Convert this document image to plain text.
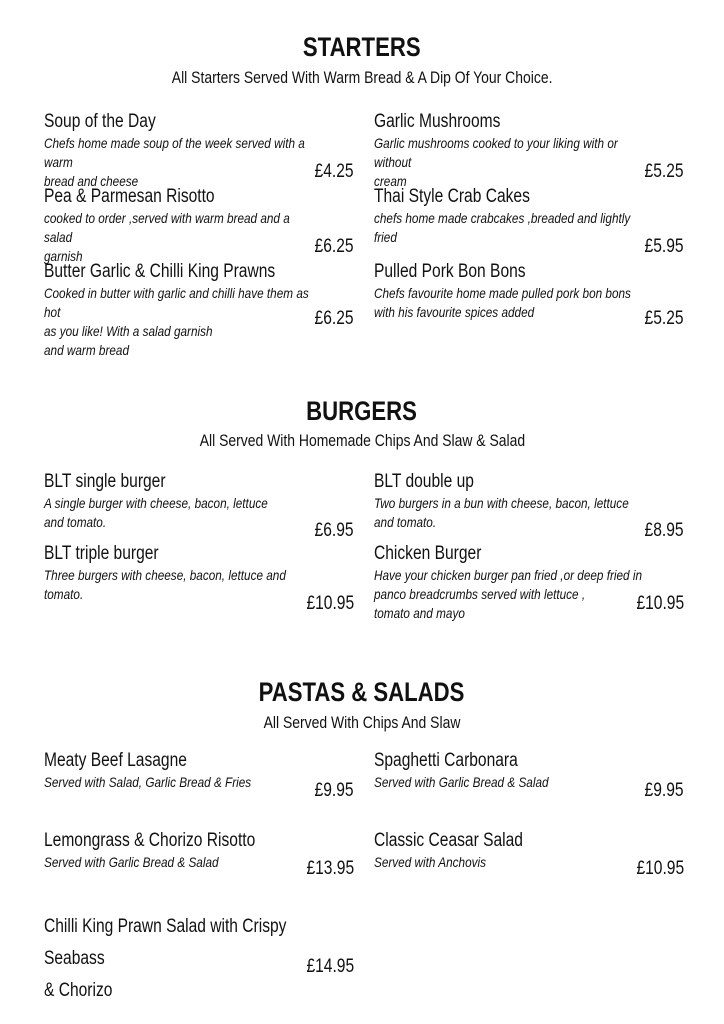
STARTERS
All Starters Served With Warm Bread & A Dip Of Your Choice.
Soup of the Day
Chefs home made soup of the week served with a warm
bread and cheese	£4.25
Garlic Mushrooms
Garlic mushrooms cooked to your liking with or without
cream	£5.25
Pea & Parmesan Risotto
cooked to order ,served with warm bread and a salad
garnish	£6.25
Thai Style Crab Cakes
chefs home made crabcakes ,breaded and lightly fried	£5.95
Butter Garlic & Chilli King Prawns
Cooked in butter with garlic and chilli have them as hot
as you like! With a salad garnish
and warm bread
£6.25
Pulled Pork Bon Bons
Chefs favourite home made pulled pork bon bons
with his favourite spices added	£5.25
BURGERS
All Served With Homemade Chips And Slaw & Salad
BLT single burger
A single burger with cheese, bacon, lettuce
and tomato.	£6.95
BLT double up
Two burgers in a bun with cheese, bacon, lettuce
and tomato.	£8.95
BLT triple burger
Three burgers with cheese, bacon, lettuce and tomato.	£10.95
Chicken Burger
Have your chicken burger pan fried ,or deep fried in
panco breadcrumbs served with lettuce ,
tomato and mayo	£10.95
PASTAS & SALADS
All Served With Chips And Slaw
Meaty Beef Lasagne
Served with Salad, Garlic Bread & Fries	£9.95
Spaghetti Carbonara
Served with Garlic Bread & Salad	£9.95
Lemongrass & Chorizo Risotto
Served with Garlic Bread & Salad	£13.95
Classic Ceasar Salad
Served with Anchovis	£10.95
Chilli King Prawn Salad with Crispy Seabass
& Chorizo
£14.95
